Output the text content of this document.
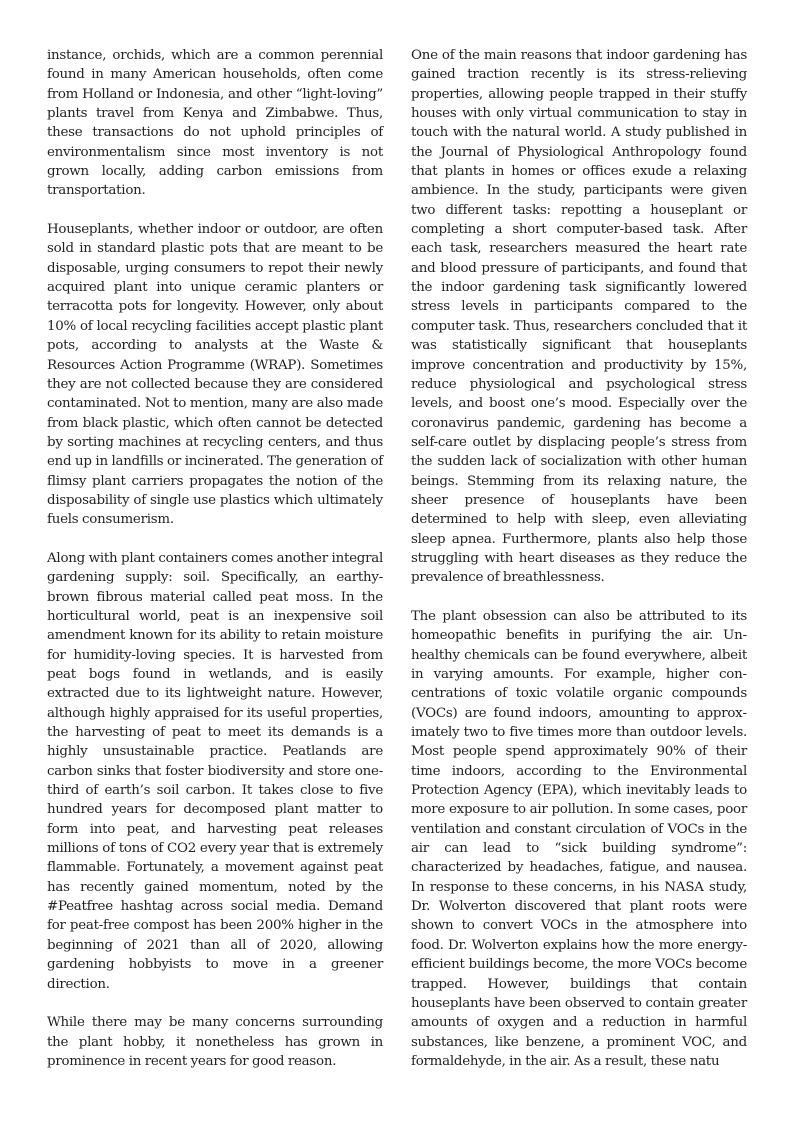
instance, orchids, which are a common perennial found in many American households, often come from Holland or Indonesia, and other “light-loving” plants travel from Kenya and Zimbabwe. Thus, these transactions do not uphold principles of environmentalism since most inventory is not grown locally, adding carbon emissions from transportation.

Houseplants, whether indoor or outdoor, are often sold in standard plastic pots that are meant to be disposable, urging consumers to repot their newly acquired plant into unique ceramic planters or terracotta pots for longevity. However, only about 10% of local recycling facilities accept plastic plant pots, according to analysts at the Waste & Resources Action Programme (WRAP). Sometimes they are not collected because they are considered contaminated. Not to mention, many are also made from black plastic, which often cannot be detected by sorting machines at recycling centers, and thus end up in landfills or incinerated. The generation of flimsy plant carriers propagates the notion of the disposability of single use plastics which ultimately fuels consumerism.

Along with plant containers comes another integral gardening supply: soil. Specifically, an earthy-brown fibrous material called peat moss. In the horticultural world, peat is an inexpensive soil amendment known for its ability to retain moisture for humidity-loving species. It is harvested from peat bogs found in wetlands, and is easily extracted due to its lightweight nature. However, although highly appraised for its useful properties, the harvesting of peat to meet its demands is a highly unsustainable practice. Peatlands are carbon sinks that foster biodiversity and store one-third of earth’s soil carbon. It takes close to five hundred years for decomposed plant matter to form into peat, and harvesting peat releases millions of tons of CO2 every year that is extremely flammable. Fortunately, a movement against peat has recently gained momentum, noted by the #Peatfree hashtag across social media. Demand for peat-free compost has been 200% higher in the beginning of 2021 than all of 2020, allowing gardening hobbyists to move in a greener direction.

While there may be many concerns surrounding the plant hobby, it nonetheless has grown in prominence in recent years for good reason.

One of the main reasons that indoor gardening has gained traction recently is its stress-relieving properties, allowing people trapped in their stuffy houses with only virtual communication to stay in touch with the natural world. A study published in the Journal of Physiological Anthropology found that plants in homes or offices exude a relaxing ambience. In the study, participants were given two different tasks: repotting a houseplant or completing a short computer-based task. After each task, researchers measured the heart rate and blood pressure of participants, and found that the indoor gardening task significantly lowered stress levels in participants compared to the computer task. Thus, researchers concluded that it was statistically significant that houseplants improve concentration and productivity by 15%, reduce physiological and psychological stress levels, and boost one’s mood. Especially over the coronavirus pandemic, gardening has become a self-care outlet by displacing people’s stress from the sudden lack of socialization with other human beings. Stemming from its relaxing nature, the sheer presence of houseplants have been determined to help with sleep, even alleviating sleep apnea. Furthermore, plants also help those struggling with heart diseases as they reduce the prevalence of breathlessness.

The plant obsession can also be attributed to its homeopathic benefits in purifying the air. Unhealthy chemicals can be found everywhere, albeit in varying amounts. For example, higher concentrations of toxic volatile organic compounds (VOCs) are found indoors, amounting to approximately two to five times more than outdoor levels. Most people spend approximately 90% of their time indoors, according to the Environmental Protection Agency (EPA), which inevitably leads to more exposure to air pollution. In some cases, poor ventilation and constant circulation of VOCs in the air can lead to “sick building syndrome”: characterized by headaches, fatigue, and nausea. In response to these concerns, in his NASA study, Dr. Wolverton discovered that plant roots were shown to convert VOCs in the atmosphere into food. Dr. Wolverton explains how the more energy-efficient buildings become, the more VOCs become trapped. However, buildings that contain houseplants have been observed to contain greater amounts of oxygen and a reduction in harmful substances, like benzene, a prominent VOC, and formaldehyde, in the air. As a result, these natu
